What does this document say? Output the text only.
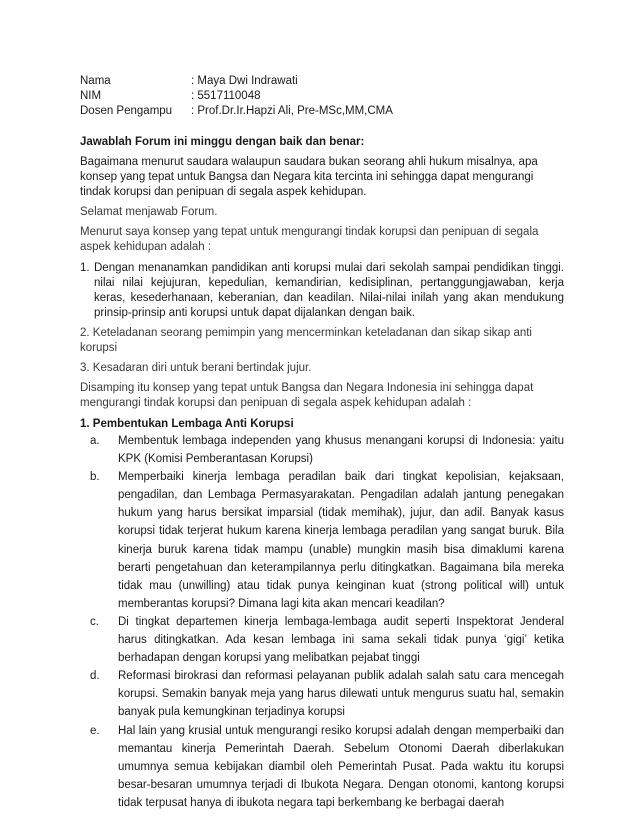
Nama	: Maya Dwi Indrawati
NIM	: 5517110048
Dosen Pengampu	: Prof.Dr.Ir.Hapzi Ali, Pre-MSc,MM,CMA

Jawablah Forum ini minggu dengan baik dan benar:

Bagaimana menurut saudara walaupun saudara bukan seorang ahli hukum misalnya, apa konsep yang tepat untuk Bangsa dan Negara kita tercinta ini sehingga dapat mengurangi tindak korupsi dan penipuan di segala aspek kehidupan.

Selamat menjawab Forum.

Menurut saya konsep yang tepat untuk mengurangi tindak korupsi dan penipuan di segala aspek kehidupan adalah :

1. Dengan menanamkan pandidikan anti korupsi mulai dari sekolah sampai pendidikan tinggi. nilai nilai kejujuran, kepedulian, kemandirian, kedisiplinan, pertanggungjawaban, kerja keras, kesederhanaan, keberanian, dan keadilan. Nilai-nilai inilah yang akan mendukung prinsip-prinsip anti korupsi untuk dapat dijalankan dengan baik.

2. Keteladanan seorang pemimpin yang mencerminkan keteladanan dan sikap sikap anti korupsi

3. Kesadaran diri untuk berani bertindak jujur.

Disamping itu konsep yang tepat untuk Bangsa dan Negara Indonesia ini sehingga dapat mengurangi tindak korupsi dan penipuan di segala aspek kehidupan adalah :

1. Pembentukan Lembaga Anti Korupsi

a.	Membentuk lembaga independen yang khusus menangani korupsi di Indonesia: yaitu KPK (Komisi Pemberantasan Korupsi)
b.	Memperbaiki kinerja lembaga peradilan baik dari tingkat kepolisian, kejaksaan, pengadilan, dan Lembaga Permasyarakatan. Pengadilan adalah jantung penegakan hukum yang harus bersikat imparsial (tidak memihak), jujur, dan adil. Banyak kasus korupsi tidak terjerat hukum karena kinerja lembaga peradilan yang sangat buruk. Bila kinerja buruk karena tidak mampu (unable) mungkin masih bisa dimaklumi karena berarti pengetahuan dan keterampilannya perlu ditingkatkan. Bagaimana bila mereka tidak mau (unwilling) atau tidak punya keinginan kuat (strong political will) untuk memberantas korupsi? Dimana lagi kita akan mencari keadilan?
c.	Di tingkat departemen kinerja lembaga-lembaga audit seperti Inspektorat Jenderal harus ditingkatkan. Ada kesan lembaga ini sama sekali tidak punya ‘gigi’ ketika berhadapan dengan korupsi yang melibatkan pejabat tinggi
d.	Reformasi birokrasi dan reformasi pelayanan publik adalah salah satu cara mencegah korupsi. Semakin banyak meja yang harus dilewati untuk mengurus suatu hal, semakin banyak pula kemungkinan terjadinya korupsi
e.	Hal lain yang krusial untuk mengurangi resiko korupsi adalah dengan memperbaiki dan memantau kinerja Pemerintah Daerah. Sebelum Otonomi Daerah diberlakukan umumnya semua kebijakan diambil oleh Pemerintah Pusat. Pada waktu itu korupsi besar-besaran umumnya terjadi di Ibukota Negara. Dengan otonomi, kantong korupsi tidak terpusat hanya di ibukota negara tapi berkembang ke berbagai daerah
